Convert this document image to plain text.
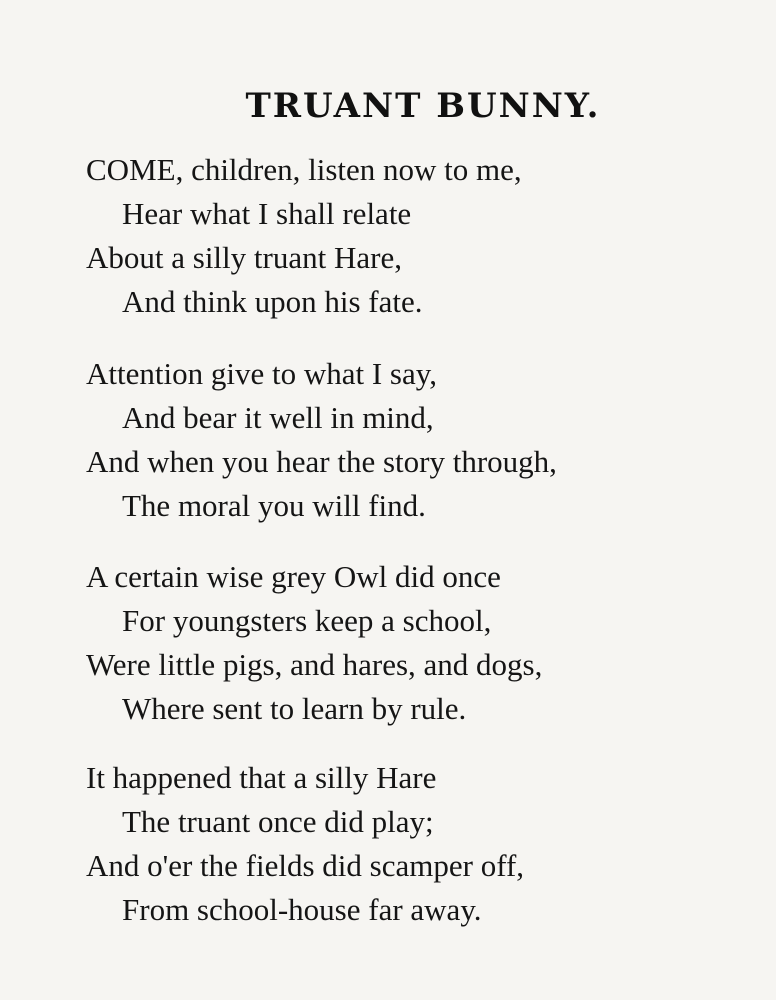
TRUANT BUNNY.
COME, children, listen now to me,
Hear what I shall relate
About a silly truant Hare,
And think upon his fate.
Attention give to what I say,
And bear it well in mind,
And when you hear the story through,
The moral you will find.
A certain wise grey Owl did once
For youngsters keep a school,
Were little pigs, and hares, and dogs,
Where sent to learn by rule.
It happened that a silly Hare
The truant once did play;
And o'er the fields did scamper off,
From school-house far away.
